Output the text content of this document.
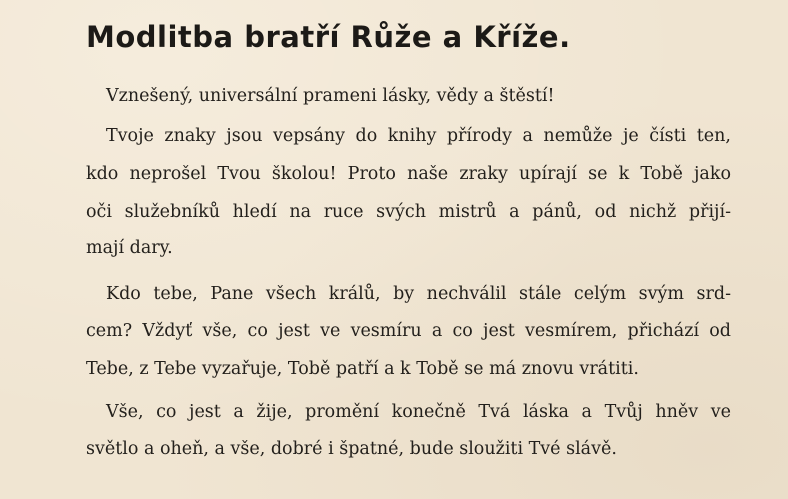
Modlitba bratří Růže a Kříže.

Vznešený, universální prameni lásky, vědy a štěstí!

Tvoje znaky jsou vepsány do knihy přírody a nemůže je čísti ten,

kdo neprošel Tvou školou! Proto naše zraky upírají se k Tobě jako

oči služebníků hledí na ruce svých mistrů a pánů, od nichž přijí-

mají dary.

Kdo tebe, Pane všech králů, by nechválil stále celým svým srd-

cem? Vždyť vše, co jest ve vesmíru a co jest vesmírem, přichází od

Tebe, z Tebe vyzařuje, Tobě patří a k Tobě se má znovu vrátiti.

Vše, co jest a žije, promění konečně Tvá láska a Tvůj hněv ve

světlo a oheň, a vše, dobré i špatné, bude sloužiti Tvé slávě.
